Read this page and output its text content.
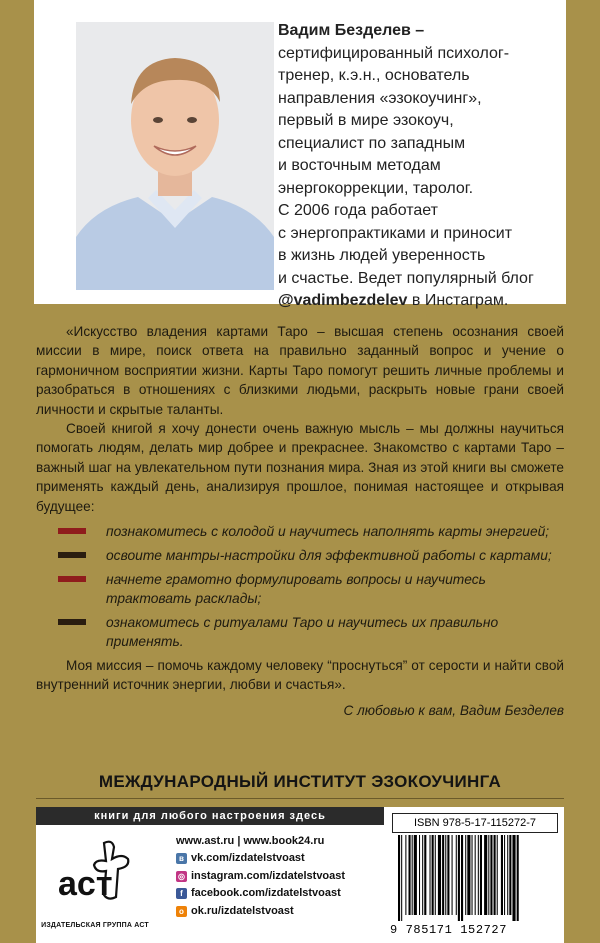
Вадим Безделев –
сертифицированный психолог-
тренер, к.э.н., основатель
направления «эзокоучинг»,
первый в мире эзокоуч,
специалист по западным
и восточным методам
энергокоррекции, таролог.
С 2006 года работает
с энергопрактиками и приносит
в жизнь людей уверенность
и счастье. Ведет популярный блог
@vadimbezdelev в Инстаграм.

«Искусство владения картами Таро – высшая степень осознания своей миссии в мире, поиск ответа на правильно заданный вопрос и учение о гармоничном восприятии жизни. Карты Таро помогут решить личные проблемы и разобраться в отношениях с близкими людьми, раскрыть новые грани своей личности и скрытые таланты.

Своей книгой я хочу донести очень важную мысль – мы должны научиться помогать людям, делать мир добрее и прекраснее. Знакомство с картами Таро – важный шаг на увлекательном пути познания мира. Зная из этой книги вы сможете применять каждый день, анализируя прошлое, понимая настоящее и открывая будущее:

познакомитесь с колодой и научитесь наполнять карты энергией;
освоите мантры-настройки для эффективной работы с картами;
начнете грамотно формулировать вопросы и научитесь трактовать расклады;
ознакомитесь с ритуалами Таро и научитесь их правильно применять.

Моя миссия – помочь каждому человеку “проснуться” от серости и найти свой внутренний источник энергии, любви и счастья».

С любовью к вам, Вадим Безделев
МЕЖДУНАРОДНЫЙ ИНСТИТУТ ЭЗОКОУЧИНГА
книги для любого настроения здесь
аст
ИЗДАТЕЛЬСКАЯ ГРУППА АСТ
www.ast.ru | www.book24.ru
в vk.com/izdatelstvoast
◎ instagram.com/izdatelstvoast
f facebook.com/izdatelstvoast
о ok.ru/izdatelstvoast
ISBN 978-5-17-115272-7
9 785171 152727
